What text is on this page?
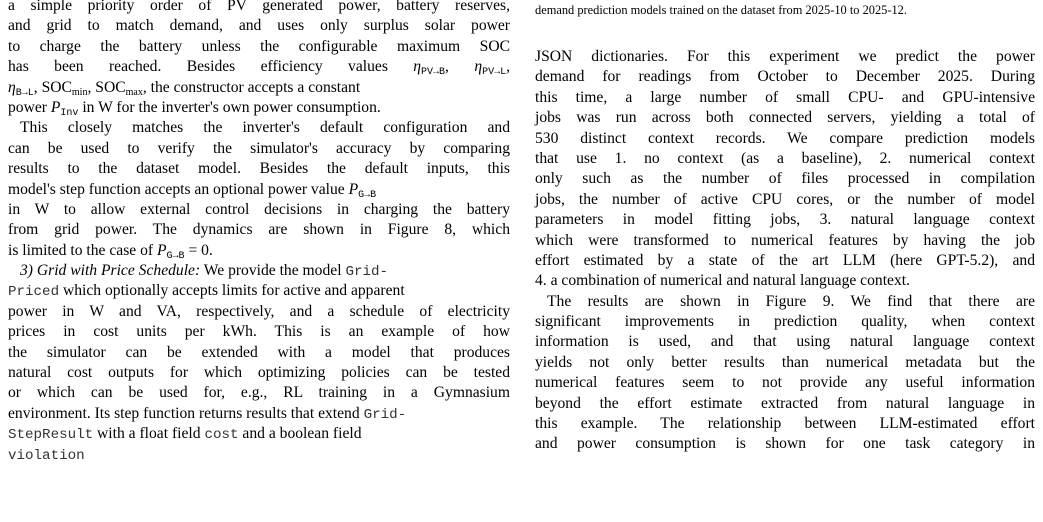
a simple priority order of PV generated power, battery reserves,
and grid to match demand, and uses only surplus solar power
to charge the battery unless the configurable maximum SOC
has been reached. Besides efficiency values $\eta_{PV\to B}$, $\eta_{PV\to L}$,
$\eta_{B\to L}$, SOCmin, SOCmax, the constructor accepts a constant
power $P_{Inv}$ in W for the inverter's own power consumption.
This closely matches the inverter's default configuration and
can be used to verify the simulator's accuracy by comparing
results to the dataset model. Besides the default inputs, this
model's step function accepts an optional power value $P_{G\to B}$
in W to allow external control decisions in charging the battery
from grid power. The dynamics are shown in Figure 8, which
is limited to the case of $P_{G\to B} = 0$.
3) Grid with Price Schedule: We provide the model Grid-
Priced which optionally accepts limits for active and apparent
power in W and VA, respectively, and a schedule of electricity
prices in cost units per kWh. This is an example of how
the simulator can be extended with a model that produces
natural cost outputs for which optimizing policies can be tested
or which can be used for, e.g., RL training in a Gymnasium
environment. Its step function returns results that extend Grid-
StepResult with a float field cost and a boolean field
violation
demand prediction models trained on the dataset from 2025-10 to 2025-12.
JSON dictionaries. For this experiment we predict the power
demand for readings from October to December 2025. During
this time, a large number of small CPU- and GPU-intensive
jobs was run across both connected servers, yielding a total of
530 distinct context records. We compare prediction models
that use 1. no context (as a baseline), 2. numerical context
only such as the number of files processed in compilation
jobs, the number of active CPU cores, or the number of model
parameters in model fitting jobs, 3. natural language context
which were transformed to numerical features by having the job
effort estimated by a state of the art LLM (here GPT-5.2), and
4. a combination of numerical and natural language context.
The results are shown in Figure 9. We find that there are
significant improvements in prediction quality, when context
information is used, and that using natural language context
yields not only better results than numerical metadata but the
numerical features seem to not provide any useful information
beyond the effort estimate extracted from natural language in
this example. The relationship between LLM-estimated effort
and power consumption is shown for one task category in
